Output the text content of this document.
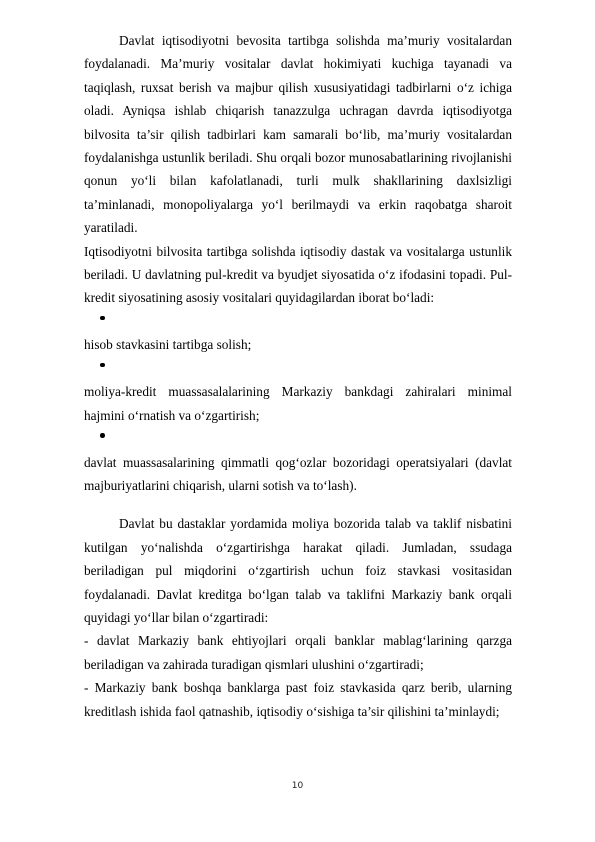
Davlat iqtisodiyotni bevosita tartibga solishda ma’muriy vositalardan foydalanadi. Ma’muriy vositalar davlat hokimiyati kuchiga tayanadi va taqiqlash, ruxsat berish va majbur qilish xususiyatidagi tadbirlarni o‘z ichiga oladi. Ayniqsa ishlab chiqarish tanazzulga uchragan davrda iqtisodiyotga bilvosita ta’sir qilish tadbirlari kam samarali bo‘lib, ma’muriy vositalardan foydalanishga ustunlik beriladi. Shu orqali bozor munosabatlarining rivojlanishi qonun yo‘li bilan kafolatlanadi, turli mulk shakllarining daxlsizligi ta’minlanadi, monopoliyalarga yo‘l berilmaydi va erkin raqobatga sharoit yaratiladi.

Iqtisodiyotni bilvosita tartibga solishda iqtisodiy dastak va vositalarga ustunlik beriladi. U davlatning pul-kredit va byudjet siyosatida o‘z ifodasini topadi. Pul-kredit siyosatining asosiy vositalari quyidagilardan iborat bo‘ladi:

hisob stavkasini tartibga solish;

moliya-kredit muassasalalarining Markaziy bankdagi zahiralari minimal hajmini o‘rnatish va o‘zgartirish;

davlat muassasalarining qimmatli qog‘ozlar bozoridagi operatsiyalari (davlat majburiyatlarini chiqarish, ularni sotish va to‘lash).

Davlat bu dastaklar yordamida moliya bozorida talab va taklif nisbatini kutilgan yo‘nalishda o‘zgartirishga harakat qiladi. Jumladan, ssudaga beriladigan pul miqdorini o‘zgartirish uchun foiz stavkasi vositasidan foydalanadi. Davlat kreditga bo‘lgan talab va taklifni Markaziy bank orqali quyidagi yo‘llar bilan o‘zgartiradi:

- davlat Markaziy bank ehtiyojlari orqali banklar mablag‘larining qarzga beriladigan va zahirada turadigan qismlari ulushini o‘zgartiradi;

- Markaziy bank boshqa banklarga past foiz stavkasida qarz berib, ularning kreditlash ishida faol qatnashib, iqtisodiy o‘sishiga ta’sir qilishini ta’minlaydi;

10
